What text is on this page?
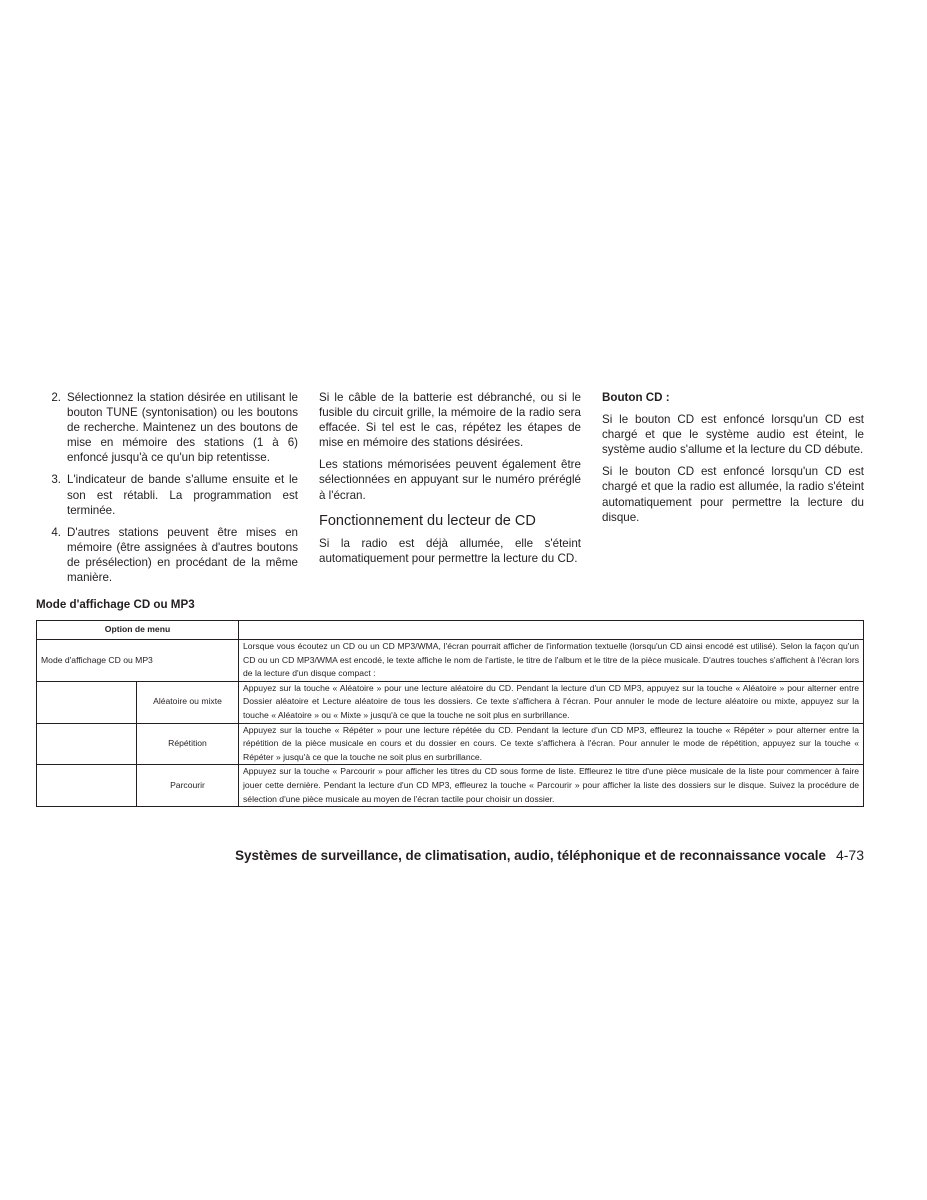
2. Sélectionnez la station désirée en utilisant le bouton TUNE (syntonisation) ou les boutons de recherche. Maintenez un des boutons de mise en mémoire des stations (1 à 6) enfoncé jusqu'à ce qu'un bip retentisse.
3. L'indicateur de bande s'allume ensuite et le son est rétabli. La programmation est terminée.
4. D'autres stations peuvent être mises en mémoire (être assignées à d'autres boutons de présélection) en procédant de la même manière.

Si le câble de la batterie est débranché, ou si le fusible du circuit grille, la mémoire de la radio sera effacée. Si tel est le cas, répétez les étapes de mise en mémoire des stations désirées.

Les stations mémorisées peuvent également être sélectionnées en appuyant sur le numéro préréglé à l'écran.

Fonctionnement du lecteur de CD

Si la radio est déjà allumée, elle s'éteint automatiquement pour permettre la lecture du CD.

Bouton CD :

Si le bouton CD est enfoncé lorsqu'un CD est chargé et que le système audio est éteint, le système audio s'allume et la lecture du CD débute.

Si le bouton CD est enfoncé lorsqu'un CD est chargé et que la radio est allumée, la radio s'éteint automatiquement pour permettre la lecture du disque.

Mode d'affichage CD ou MP3
Option de menu		
Mode d'affichage CD ou MP3		Lorsque vous écoutez un CD ou un CD MP3/WMA, l'écran pourrait afficher de l'information textuelle (lorsqu'un CD ainsi encodé est utilisé). Selon la façon qu'un CD ou un CD MP3/WMA est encodé, le texte affiche le nom de l'artiste, le titre de l'album et le titre de la pièce musicale. D'autres touches s'affichent à l'écran lors de la lecture d'un disque compact :
	Aléatoire ou mixte	Appuyez sur la touche « Aléatoire » pour une lecture aléatoire du CD. Pendant la lecture d'un CD MP3, appuyez sur la touche « Aléatoire » pour alterner entre Dossier aléatoire et Lecture aléatoire de tous les dossiers. Ce texte s'affichera à l'écran. Pour annuler le mode de lecture aléatoire ou mixte, appuyez sur la touche « Aléatoire » ou « Mixte » jusqu'à ce que la touche ne soit plus en surbrillance.
	Répétition	Appuyez sur la touche « Répéter » pour une lecture répétée du CD. Pendant la lecture d'un CD MP3, effleurez la touche « Répéter » pour alterner entre la répétition de la pièce musicale en cours et du dossier en cours. Ce texte s'affichera à l'écran. Pour annuler le mode de répétition, appuyez sur la touche « Répéter » jusqu'à ce que la touche ne soit plus en surbrillance.
	Parcourir	Appuyez sur la touche « Parcourir » pour afficher les titres du CD sous forme de liste. Effleurez le titre d'une pièce musicale de la liste pour commencer à faire jouer cette dernière. Pendant la lecture d'un CD MP3, effleurez la touche « Parcourir » pour afficher la liste des dossiers sur le disque. Suivez la procédure de sélection d'une pièce musicale au moyen de l'écran tactile pour choisir un dossier.
Systèmes de surveillance, de climatisation, audio, téléphonique et de reconnaissance vocale 4-73
